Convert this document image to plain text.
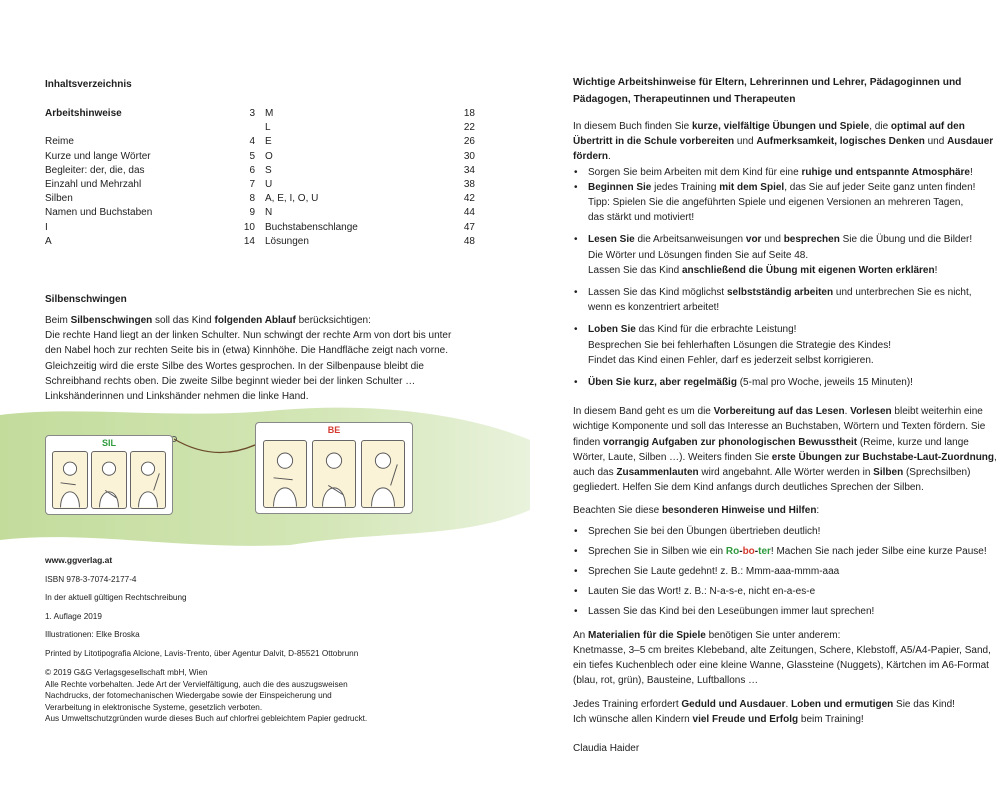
Inhaltsverzeichnis
Arbeitshinweise	3 M	18
L	22
Reime	4 E	26
Kurze und lange Wörter	5 O	30
Begleiter: der, die, das	6 S	34
Einzahl und Mehrzahl	7 U	38
Silben	8 A, E, I, O, U	42
Namen und Buchstaben	9 N	44
I	10 Buchstabenschlange	47
A	14 Lösungen	48
Silbenschwingen
Beim Silbenschwingen soll das Kind folgenden Ablauf berücksichtigen:
Die rechte Hand liegt an der linken Schulter. Nun schwingt der rechte Arm von dort bis unter
den Nabel hoch zur rechten Seite bis in (etwa) Kinnhöhe. Die Handfläche zeigt nach vorne.
Gleichzeitig wird die erste Silbe des Wortes gesprochen. In der Silbenpause bleibt die
Schreibhand rechts oben. Die zweite Silbe beginnt wieder bei der linken Schulter …
Linkshänderinnen und Linkshänder nehmen die linke Hand.
SIL
BE

www.ggverlag.at

ISBN 978-3-7074-2177-4

In der aktuell gültigen Rechtschreibung

1. Auflage 2019

Illustrationen: Elke Broska

Printed by Litotipografia Alcione, Lavis-Trento, über Agentur Dalvit, D-85521 Ottobrunn

© 2019 G&G Verlagsgesellschaft mbH, Wien

Alle Rechte vorbehalten. Jede Art der Vervielfältigung, auch die des auszugsweisen

Nachdrucks, der fotomechanischen Wiedergabe sowie der Einspeicherung und

Verarbeitung in elektronische Systeme, gesetzlich verboten.

Aus Umweltschutzgründen wurde dieses Buch auf chlorfrei gebleichtem Papier gedruckt.

Wichtige Arbeitshinweise für Eltern, Lehrerinnen und Lehrer, Pädagoginnen und
Pädagogen, Therapeutinnen und Therapeuten

In diesem Buch finden Sie kurze, vielfältige Übungen und Spiele, die optimal auf den Übertritt in die Schule vorbereiten und Aufmerksamkeit, logisches Denken und Ausdauer fördern.

• Sorgen Sie beim Arbeiten mit dem Kind für eine ruhige und entspannte Atmosphäre!
• Beginnen Sie jedes Training mit dem Spiel, das Sie auf jeder Seite ganz unten finden!
Tipp: Spielen Sie die angeführten Spiele und eigenen Versionen an mehreren Tagen,
das stärkt und motiviert!
• Lesen Sie die Arbeitsanweisungen vor und besprechen Sie die Übung und die Bilder!
Die Wörter und Lösungen finden Sie auf Seite 48.
Lassen Sie das Kind anschließend die Übung mit eigenen Worten erklären!
• Lassen Sie das Kind möglichst selbstständig arbeiten und unterbrechen Sie es nicht,
wenn es konzentriert arbeitet!
• Loben Sie das Kind für die erbrachte Leistung!
Besprechen Sie bei fehlerhaften Lösungen die Strategie des Kindes!
Findet das Kind einen Fehler, darf es jederzeit selbst korrigieren.
• Üben Sie kurz, aber regelmäßig (5-mal pro Woche, jeweils 15 Minuten)!

In diesem Band geht es um die Vorbereitung auf das Lesen. Vorlesen bleibt weiterhin eine wichtige Komponente und soll das Interesse an Buchstaben, Wörtern und Texten fördern. Sie finden vorrangig Aufgaben zur phonologischen Bewusstheit (Reime, kurze und lange Wörter, Laute, Silben …). Weiters finden Sie erste Übungen zur Buchstabe-Laut-Zuordnung, auch das Zusammenlauten wird angebahnt. Alle Wörter werden in Silben (Sprechsilben) gegliedert. Helfen Sie dem Kind anfangs durch deutliches Sprechen der Silben.

Beachten Sie diese besonderen Hinweise und Hilfen:

• Sprechen Sie bei den Übungen übertrieben deutlich!
• Sprechen Sie in Silben wie ein Ro-bo-ter! Machen Sie nach jeder Silbe eine kurze Pause!
• Sprechen Sie Laute gedehnt! z. B.: Mmm-aaa-mmm-aaa
• Lauten Sie das Wort! z. B.: N-a-s-e, nicht en-a-es-e
• Lassen Sie das Kind bei den Leseübungen immer laut sprechen!
An Materialien für die Spiele benötigen Sie unter anderem:
Knetmasse, 3–5 cm breites Klebeband, alte Zeitungen, Schere, Klebstoff, A5/A4-Papier, Sand,
ein tiefes Kuchenblech oder eine kleine Wanne, Glassteine (Nuggets), Kärtchen im A6-Format
(blau, rot, grün), Bausteine, Luftballons …
Jedes Training erfordert Geduld und Ausdauer. Loben und ermutigen Sie das Kind!
Ich wünsche allen Kindern viel Freude und Erfolg beim Training!

Claudia Haider
